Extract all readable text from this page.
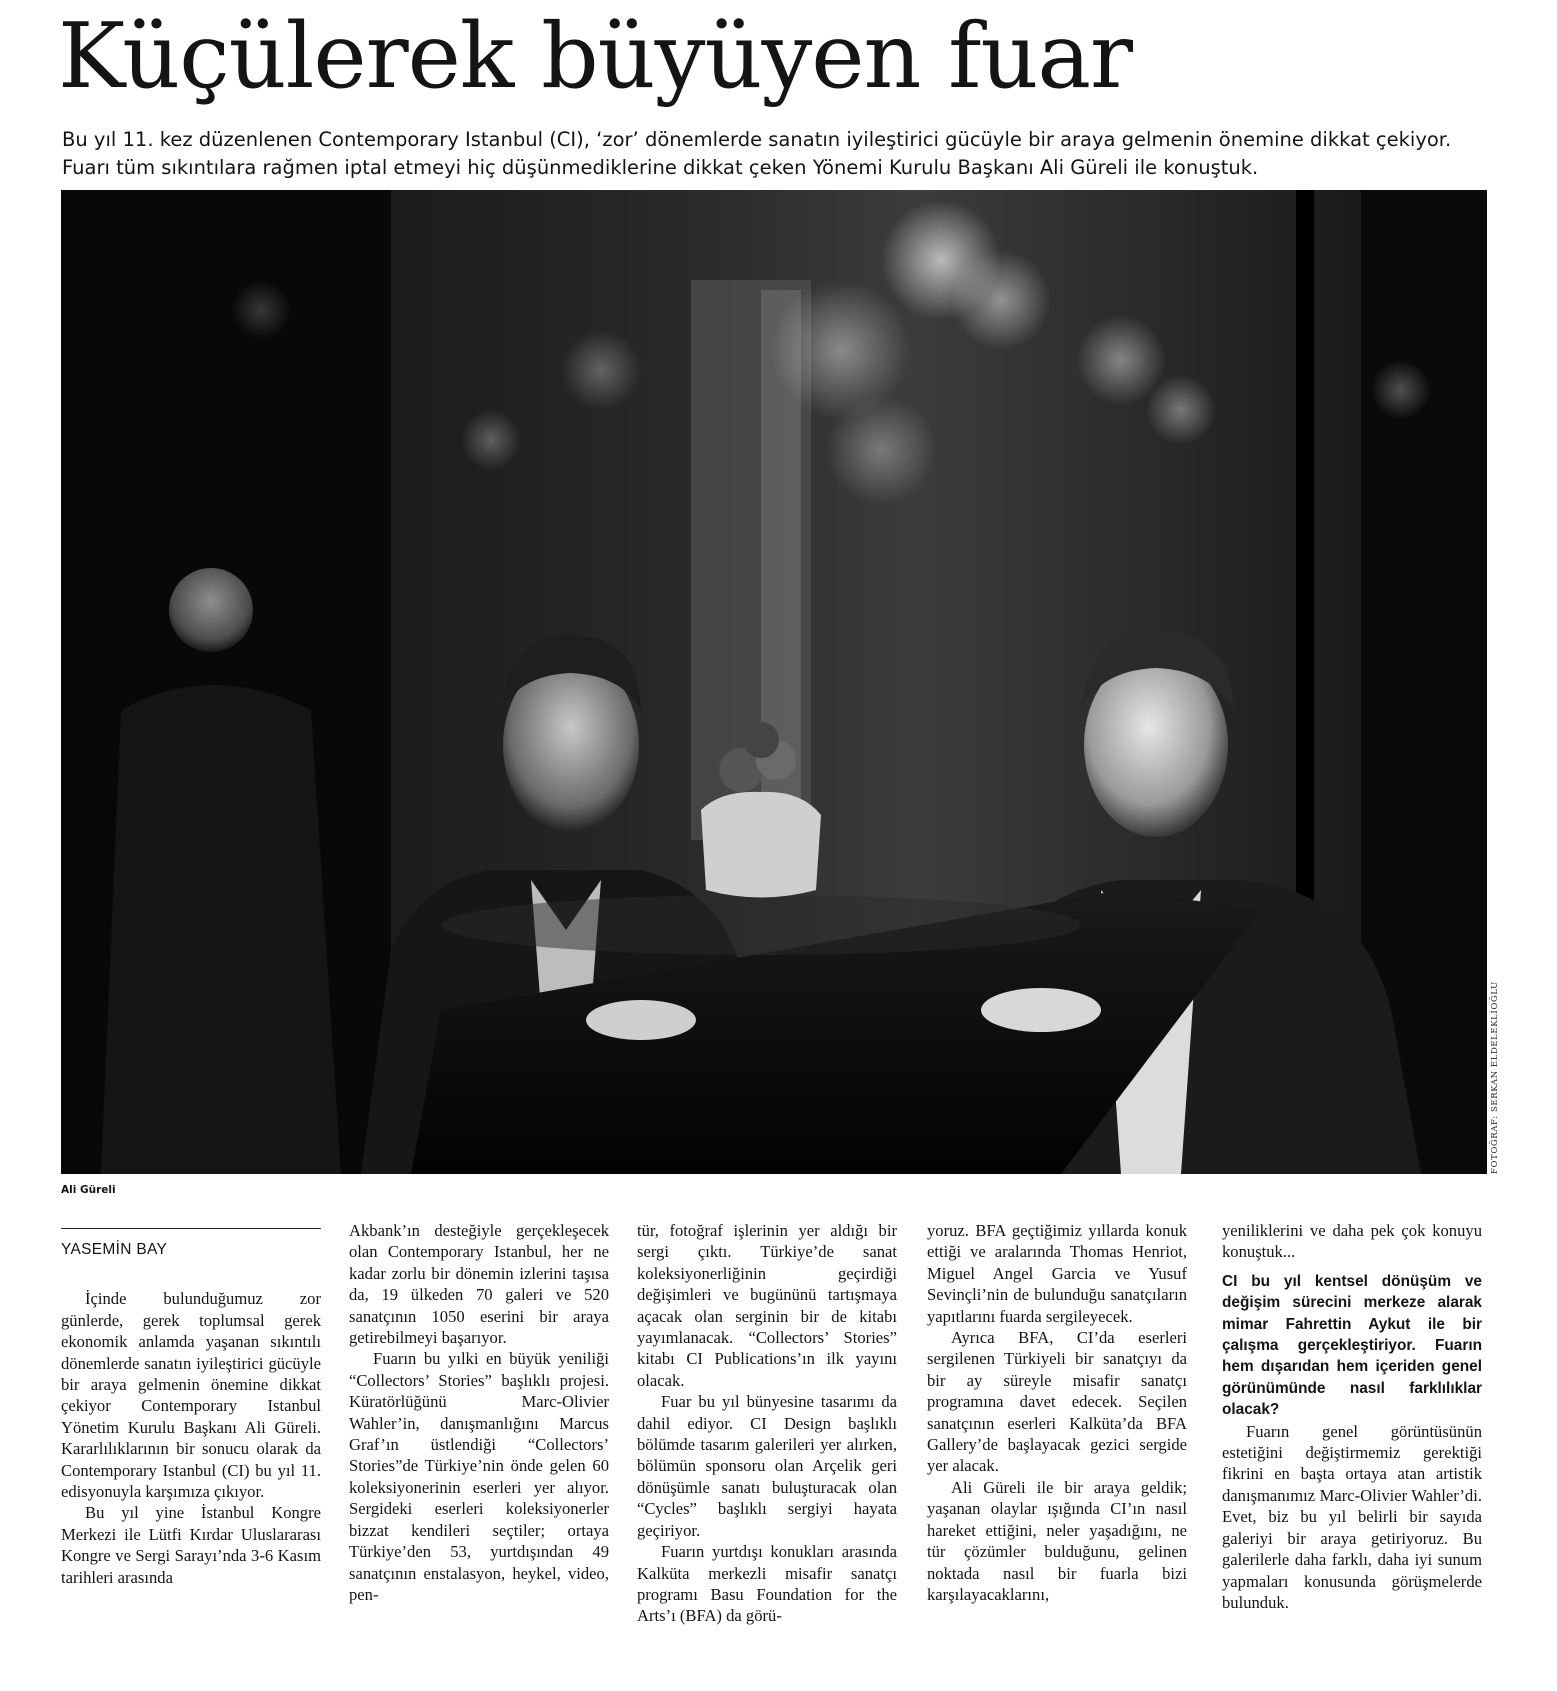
Küçülerek büyüyen fuar

Bu yıl 11. kez düzenlenen Contemporary Istanbul (CI), ‘zor’ dönemlerde sanatın iyileştirici gücüyle bir araya gelmenin önemine dikkat çekiyor. Fuarı tüm sıkıntılara rağmen iptal etmeyi hiç düşünmediklerine dikkat çeken Yönemi Kurulu Başkanı Ali Güreli ile konuştuk.

FOTOĞRAF: SERKAN ELDELEKLİOĞLU
Ali Güreli
YASEMİN BAY

İçinde bulunduğumuz zor günlerde, gerek toplumsal gerek ekonomik anlamda yaşanan sıkıntılı dönemlerde sanatın iyileştirici gücüyle bir araya gelmenin önemine dikkat çekiyor Contemporary Istanbul Yönetim Kurulu Başkanı Ali Güreli. Kararlılıklarının bir sonucu olarak da Contemporary Istanbul (CI) bu yıl 11. edisyonuyla karşımıza çıkıyor.

Bu yıl yine İstanbul Kongre Merkezi ile Lütfi Kırdar Uluslararası Kongre ve Sergi Sarayı’nda 3-6 Kasım tarihleri arasında

Akbank’ın desteğiyle gerçekleşecek olan Contemporary Istanbul, her ne kadar zorlu bir dönemin izlerini taşısa da, 19 ülkeden 70 galeri ve 520 sanatçının 1050 eserini bir araya getirebilmeyi başarıyor.

Fuarın bu yılki en büyük yeniliği “Collectors’ Stories” başlıklı projesi. Küratörlüğünü Marc-Olivier Wahler’in, danışmanlığını Marcus Graf’ın üstlendiği “Collectors’ Stories”de Türkiye’nin önde gelen 60 koleksiyonerinin eserleri yer alıyor. Sergideki eserleri koleksiyonerler bizzat kendileri seçtiler; ortaya Türkiye’den 53, yurtdışından 49 sanatçının enstalasyon, heykel, video, pen-

tür, fotoğraf işlerinin yer aldığı bir sergi çıktı. Türkiye’de sanat koleksiyonerliğinin geçirdiği değişimleri ve bugününü tartışmaya açacak olan serginin bir de kitabı yayımlanacak. “Collectors’ Stories” kitabı CI Publications’ın ilk yayını olacak.

Fuar bu yıl bünyesine tasarımı da dahil ediyor. CI Design başlıklı bölümde tasarım galerileri yer alırken, bölümün sponsoru olan Arçelik geri dönüşümle sanatı buluşturacak olan “Cycles” başlıklı sergiyi hayata geçiriyor.

Fuarın yurtdışı konukları arasında Kalküta merkezli misafir sanatçı programı Basu Foundation for the Arts’ı (BFA) da görü-

yoruz. BFA geçtiğimiz yıllarda konuk ettiği ve aralarında Thomas Henriot, Miguel Angel Garcia ve Yusuf Sevinçli’nin de bulunduğu sanatçıların yapıtlarını fuarda sergileyecek.

Ayrıca BFA, CI’da eserleri sergilenen Türkiyeli bir sanatçıyı da bir ay süreyle misafir sanatçı programına davet edecek. Seçilen sanatçının eserleri Kalküta’da BFA Gallery’de başlayacak gezici sergide yer alacak.

Ali Güreli ile bir araya geldik; yaşanan olaylar ışığında CI’ın nasıl hareket ettiğini, neler yaşadığını, ne tür çözümler bulduğunu, gelinen noktada nasıl bir fuarla bizi karşılayacaklarını,

yeniliklerini ve daha pek çok konuyu konuştuk...

CI bu yıl kentsel dönüşüm ve değişim sürecini merkeze alarak mimar Fahrettin Aykut ile bir çalışma gerçekleştiriyor. Fuarın hem dışarıdan hem içeriden genel görünümünde nasıl farklılıklar olacak?

Fuarın genel görüntüsünün estetiğini değiştirmemiz gerektiği fikrini en başta ortaya atan artistik danışmanımız Marc-Olivier Wahler’di. Evet, biz bu yıl belirli bir sayıda galeriyi bir araya getiriyoruz. Bu galerilerle daha farklı, daha iyi sunum yapmaları konusunda görüşmelerde bulunduk.
